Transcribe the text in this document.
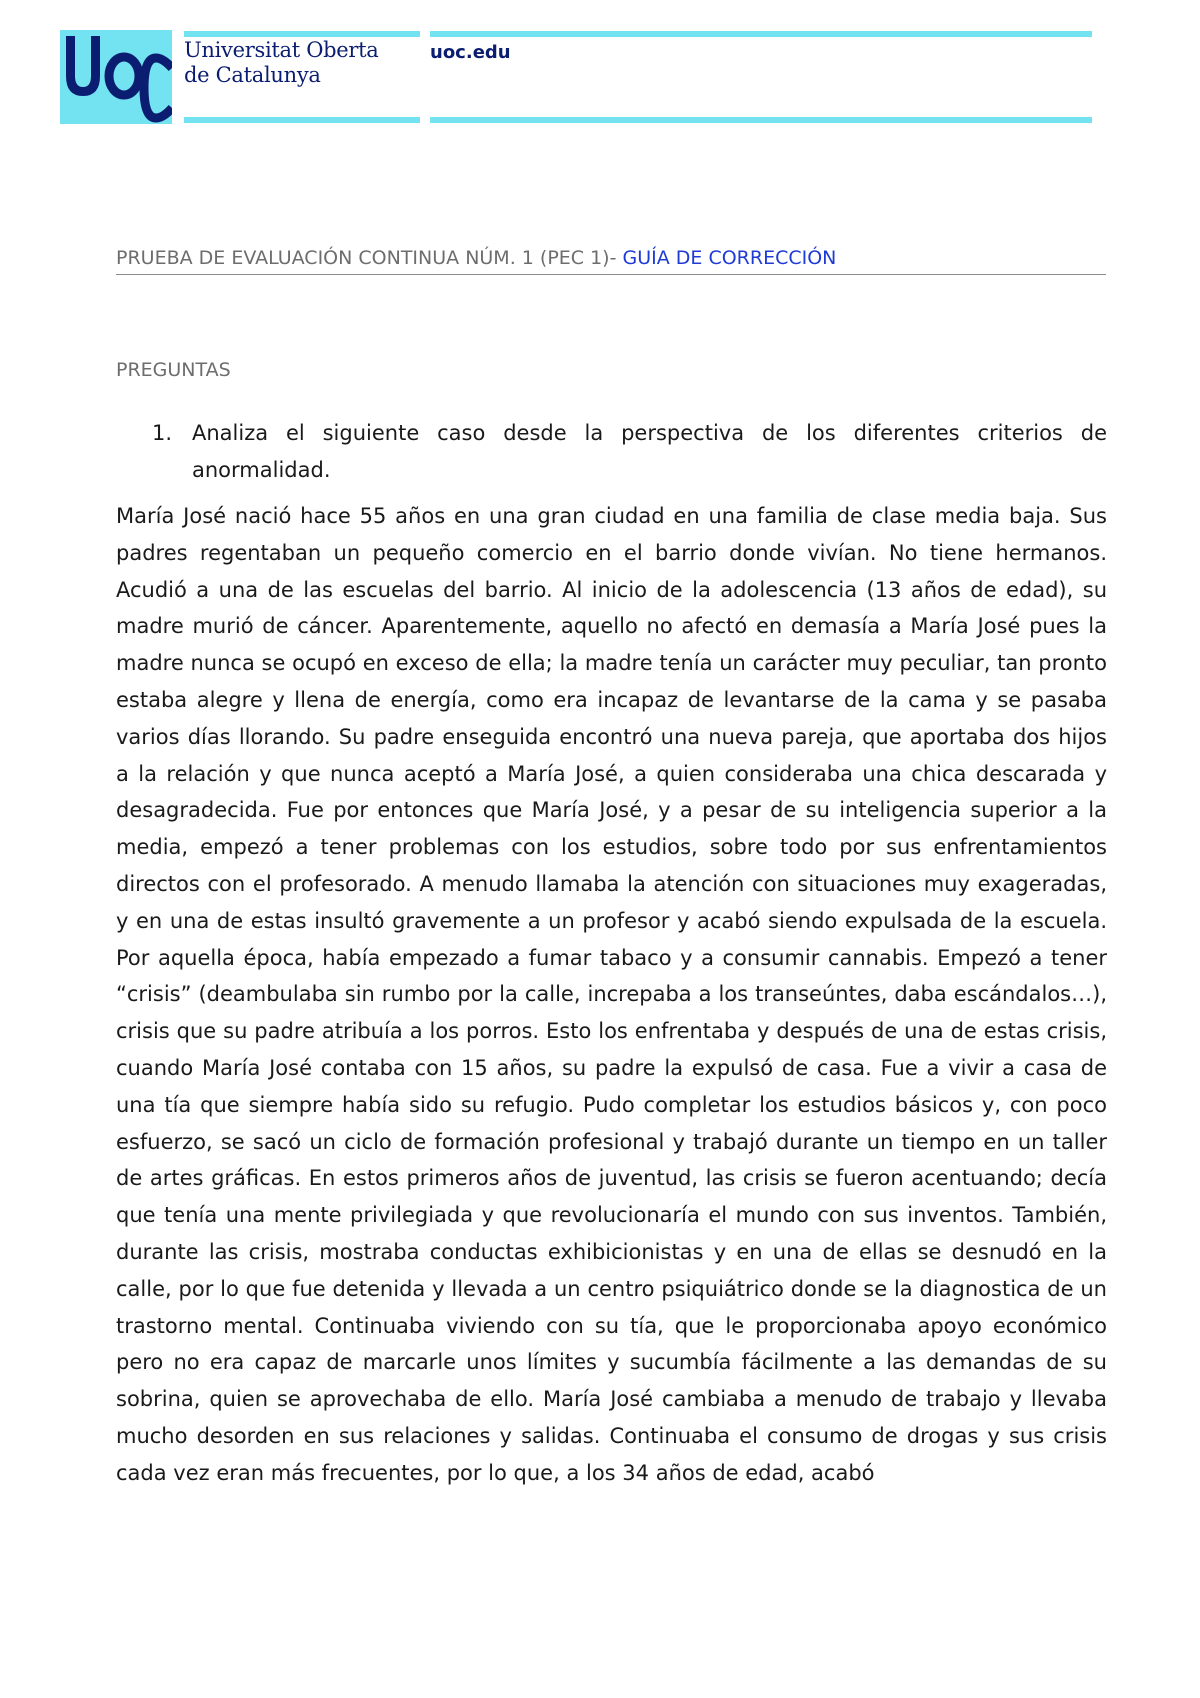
Universitat Oberta
de Catalunya
uoc.edu
PRUEBA DE EVALUACIÓN CONTINUA NÚM. 1 (PEC 1)- GUÍA DE CORRECCIÓN
PREGUNTAS
1. Analiza el siguiente caso desde la perspectiva de los diferentes criterios de anormalidad.

María José nació hace 55 años en una gran ciudad en una familia de clase media baja. Sus padres regentaban un pequeño comercio en el barrio donde vivían. No tiene hermanos. Acudió a una de las escuelas del barrio. Al inicio de la adolescencia (13 años de edad), su madre murió de cáncer. Aparentemente, aquello no afectó en demasía a María José pues la madre nunca se ocupó en exceso de ella; la madre tenía un carácter muy peculiar, tan pronto estaba alegre y llena de energía, como era incapaz de levantarse de la cama y se pasaba varios días llorando. Su padre enseguida encontró una nueva pareja, que aportaba dos hijos a la relación y que nunca aceptó a María José, a quien consideraba una chica descarada y desagradecida. Fue por entonces que María José, y a pesar de su inteligencia superior a la media, empezó a tener problemas con los estudios, sobre todo por sus enfrentamientos directos con el profesorado. A menudo llamaba la atención con situaciones muy exageradas, y en una de estas insultó gravemente a un profesor y acabó siendo expulsada de la escuela. Por aquella época, había empezado a fumar tabaco y a consumir cannabis. Empezó a tener “crisis” (deambulaba sin rumbo por la calle, increpaba a los transeúntes, daba escándalos…), crisis que su padre atribuía a los porros. Esto los enfrentaba y después de una de estas crisis, cuando María José contaba con 15 años, su padre la expulsó de casa. Fue a vivir a casa de una tía que siempre había sido su refugio. Pudo completar los estudios básicos y, con poco esfuerzo, se sacó un ciclo de formación profesional y trabajó durante un tiempo en un taller de artes gráficas. En estos primeros años de juventud, las crisis se fueron acentuando; decía que tenía una mente privilegiada y que revolucionaría el mundo con sus inventos. También, durante las crisis, mostraba conductas exhibicionistas y en una de ellas se desnudó en la calle, por lo que fue detenida y llevada a un centro psiquiátrico donde se la diagnostica de un trastorno mental. Continuaba viviendo con su tía, que le proporcionaba apoyo económico pero no era capaz de marcarle unos límites y sucumbía fácilmente a las demandas de su sobrina, quien se aprovechaba de ello. María José cambiaba a menudo de trabajo y llevaba mucho desorden en sus relaciones y salidas. Continuaba el consumo de drogas y sus crisis cada vez eran más frecuentes, por lo que, a los 34 años de edad, acabó
